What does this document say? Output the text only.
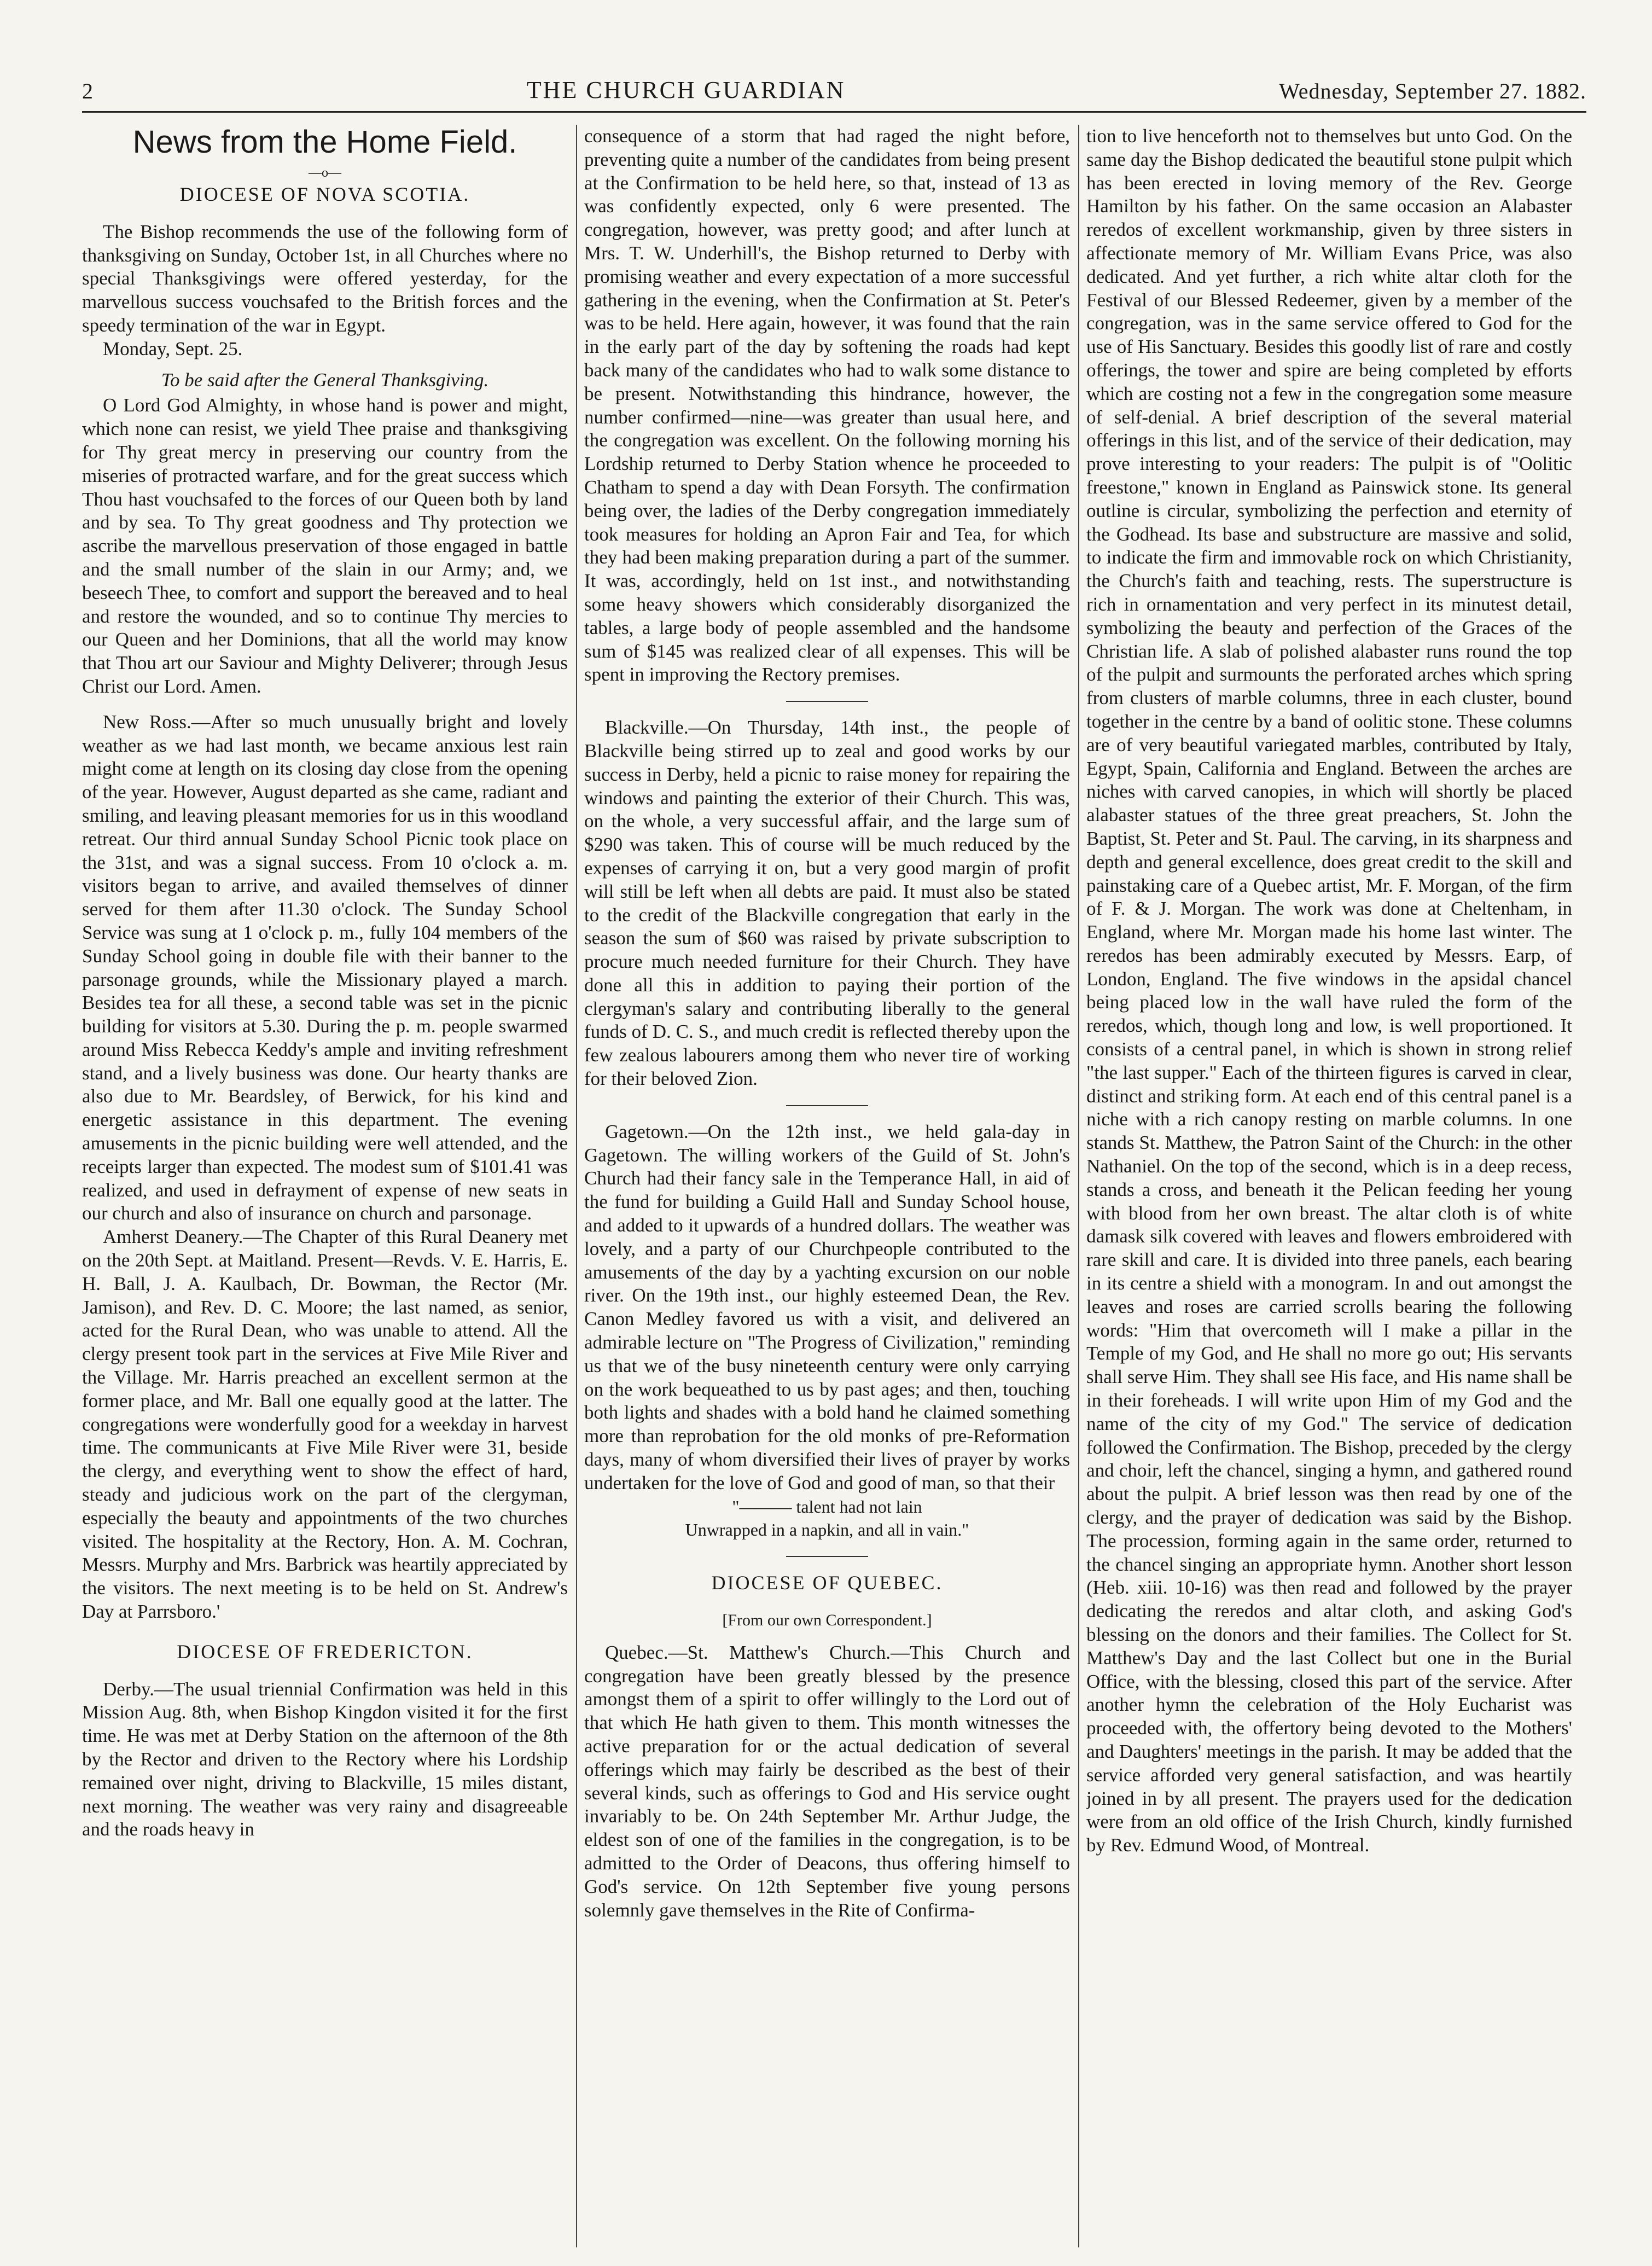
2	THE CHURCH GUARDIAN	Wednesday, September 27. 1882.
News from the Home Field.
—o—
DIOCESE OF NOVA SCOTIA.

The Bishop recommends the use of the following form of thanksgiving on Sunday, October 1st, in all Churches where no special Thanksgivings were offered yesterday, for the marvellous success vouchsafed to the British forces and the speedy termination of the war in Egypt.

Monday, Sept. 25.

To be said after the General Thanksgiving.

O Lord God Almighty, in whose hand is power and might, which none can resist, we yield Thee praise and thanksgiving for Thy great mercy in preserving our country from the miseries of protracted warfare, and for the great success which Thou hast vouchsafed to the forces of our Queen both by land and by sea. To Thy great goodness and Thy protection we ascribe the marvellous preservation of those engaged in battle and the small number of the slain in our Army; and, we beseech Thee, to comfort and support the bereaved and to heal and restore the wounded, and so to continue Thy mercies to our Queen and her Dominions, that all the world may know that Thou art our Saviour and Mighty Deliverer; through Jesus Christ our Lord. Amen.

New Ross.—After so much unusually bright and lovely weather as we had last month, we became anxious lest rain might come at length on its closing day close from the opening of the year. However, August departed as she came, radiant and smiling, and leaving pleasant memories for us in this woodland retreat. Our third annual Sunday School Picnic took place on the 31st, and was a signal success. From 10 o'clock a. m. visitors began to arrive, and availed themselves of dinner served for them after 11.30 o'clock. The Sunday School Service was sung at 1 o'clock p. m., fully 104 members of the Sunday School going in double file with their banner to the parsonage grounds, while the Missionary played a march. Besides tea for all these, a second table was set in the picnic building for visitors at 5.30. During the p. m. people swarmed around Miss Rebecca Keddy's ample and inviting refreshment stand, and a lively business was done. Our hearty thanks are also due to Mr. Beardsley, of Berwick, for his kind and energetic assistance in this department. The evening amusements in the picnic building were well attended, and the receipts larger than expected. The modest sum of $101.41 was realized, and used in defrayment of expense of new seats in our church and also of insurance on church and parsonage.

Amherst Deanery.—The Chapter of this Rural Deanery met on the 20th Sept. at Maitland. Present—Revds. V. E. Harris, E. H. Ball, J. A. Kaulbach, Dr. Bowman, the Rector (Mr. Jamison), and Rev. D. C. Moore; the last named, as senior, acted for the Rural Dean, who was unable to attend. All the clergy present took part in the services at Five Mile River and the Village. Mr. Harris preached an excellent sermon at the former place, and Mr. Ball one equally good at the latter. The congregations were wonderfully good for a weekday in harvest time. The communicants at Five Mile River were 31, beside the clergy, and everything went to show the effect of hard, steady and judicious work on the part of the clergyman, especially the beauty and appointments of the two churches visited. The hospitality at the Rectory, Hon. A. M. Cochran, Messrs. Murphy and Mrs. Barbrick was heartily appreciated by the visitors. The next meeting is to be held on St. Andrew's Day at Parrsboro.'

DIOCESE OF FREDERICTON.

Derby.—The usual triennial Confirmation was held in this Mission Aug. 8th, when Bishop Kingdon visited it for the first time. He was met at Derby Station on the afternoon of the 8th by the Rector and driven to the Rectory where his Lordship remained over night, driving to Blackville, 15 miles distant, next morning. The weather was very rainy and disagreeable and the roads heavy in

consequence of a storm that had raged the night before, preventing quite a number of the candidates from being present at the Confirmation to be held here, so that, instead of 13 as was confidently expected, only 6 were presented. The congregation, however, was pretty good; and after lunch at Mrs. T. W. Underhill's, the Bishop returned to Derby with promising weather and every expectation of a more successful gathering in the evening, when the Confirmation at St. Peter's was to be held. Here again, however, it was found that the rain in the early part of the day by softening the roads had kept back many of the candidates who had to walk some distance to be present. Notwithstanding this hindrance, however, the number confirmed—nine—was greater than usual here, and the congregation was excellent. On the following morning his Lordship returned to Derby Station whence he proceeded to Chatham to spend a day with Dean Forsyth. The confirmation being over, the ladies of the Derby congregation immediately took measures for holding an Apron Fair and Tea, for which they had been making preparation during a part of the summer. It was, accordingly, held on 1st inst., and notwithstanding some heavy showers which considerably disorganized the tables, a large body of people assembled and the handsome sum of $145 was realized clear of all expenses. This will be spent in improving the Rectory premises.

Blackville.—On Thursday, 14th inst., the people of Blackville being stirred up to zeal and good works by our success in Derby, held a picnic to raise money for repairing the windows and painting the exterior of their Church. This was, on the whole, a very successful affair, and the large sum of $290 was taken. This of course will be much reduced by the expenses of carrying it on, but a very good margin of profit will still be left when all debts are paid. It must also be stated to the credit of the Blackville congregation that early in the season the sum of $60 was raised by private subscription to procure much needed furniture for their Church. They have done all this in addition to paying their portion of the clergyman's salary and contributing liberally to the general funds of D. C. S., and much credit is reflected thereby upon the few zealous labourers among them who never tire of working for their beloved Zion.

Gagetown.—On the 12th inst., we held gala-day in Gagetown. The willing workers of the Guild of St. John's Church had their fancy sale in the Temperance Hall, in aid of the fund for building a Guild Hall and Sunday School house, and added to it upwards of a hundred dollars. The weather was lovely, and a party of our Churchpeople contributed to the amusements of the day by a yachting excursion on our noble river. On the 19th inst., our highly esteemed Dean, the Rev. Canon Medley favored us with a visit, and delivered an admirable lecture on "The Progress of Civilization," reminding us that we of the busy nineteenth century were only carrying on the work bequeathed to us by past ages; and then, touching both lights and shades with a bold hand he claimed something more than reprobation for the old monks of pre-Reformation days, many of whom diversified their lives of prayer by works undertaken for the love of God and good of man, so that their

"——— talent had not lain

Unwrapped in a napkin, and all in vain."

DIOCESE OF QUEBEC.

[From our own Correspondent.]

Quebec.—St. Matthew's Church.—This Church and congregation have been greatly blessed by the presence amongst them of a spirit to offer willingly to the Lord out of that which He hath given to them. This month witnesses the active preparation for or the actual dedication of several offerings which may fairly be described as the best of their several kinds, such as offerings to God and His service ought invariably to be. On 24th September Mr. Arthur Judge, the eldest son of one of the families in the congregation, is to be admitted to the Order of Deacons, thus offering himself to God's service. On 12th September five young persons solemnly gave themselves in the Rite of Confirma-

tion to live henceforth not to themselves but unto God. On the same day the Bishop dedicated the beautiful stone pulpit which has been erected in loving memory of the Rev. George Hamilton by his father. On the same occasion an Alabaster reredos of excellent workmanship, given by three sisters in affectionate memory of Mr. William Evans Price, was also dedicated. And yet further, a rich white altar cloth for the Festival of our Blessed Redeemer, given by a member of the congregation, was in the same service offered to God for the use of His Sanctuary. Besides this goodly list of rare and costly offerings, the tower and spire are being completed by efforts which are costing not a few in the congregation some measure of self-denial. A brief description of the several material offerings in this list, and of the service of their dedication, may prove interesting to your readers: The pulpit is of "Oolitic freestone," known in England as Painswick stone. Its general outline is circular, symbolizing the perfection and eternity of the Godhead. Its base and substructure are massive and solid, to indicate the firm and immovable rock on which Christianity, the Church's faith and teaching, rests. The superstructure is rich in ornamentation and very perfect in its minutest detail, symbolizing the beauty and perfection of the Graces of the Christian life. A slab of polished alabaster runs round the top of the pulpit and surmounts the perforated arches which spring from clusters of marble columns, three in each cluster, bound together in the centre by a band of oolitic stone. These columns are of very beautiful variegated marbles, contributed by Italy, Egypt, Spain, California and England. Between the arches are niches with carved canopies, in which will shortly be placed alabaster statues of the three great preachers, St. John the Baptist, St. Peter and St. Paul. The carving, in its sharpness and depth and general excellence, does great credit to the skill and painstaking care of a Quebec artist, Mr. F. Morgan, of the firm of F. & J. Morgan. The work was done at Cheltenham, in England, where Mr. Morgan made his home last winter. The reredos has been admirably executed by Messrs. Earp, of London, England. The five windows in the apsidal chancel being placed low in the wall have ruled the form of the reredos, which, though long and low, is well proportioned. It consists of a central panel, in which is shown in strong relief "the last supper." Each of the thirteen figures is carved in clear, distinct and striking form. At each end of this central panel is a niche with a rich canopy resting on marble columns. In one stands St. Matthew, the Patron Saint of the Church: in the other Nathaniel. On the top of the second, which is in a deep recess, stands a cross, and beneath it the Pelican feeding her young with blood from her own breast. The altar cloth is of white damask silk covered with leaves and flowers embroidered with rare skill and care. It is divided into three panels, each bearing in its centre a shield with a monogram. In and out amongst the leaves and roses are carried scrolls bearing the following words: "Him that overcometh will I make a pillar in the Temple of my God, and He shall no more go out; His servants shall serve Him. They shall see His face, and His name shall be in their foreheads. I will write upon Him of my God and the name of the city of my God." The service of dedication followed the Confirmation. The Bishop, preceded by the clergy and choir, left the chancel, singing a hymn, and gathered round about the pulpit. A brief lesson was then read by one of the clergy, and the prayer of dedication was said by the Bishop. The procession, forming again in the same order, returned to the chancel singing an appropriate hymn. Another short lesson (Heb. xiii. 10-16) was then read and followed by the prayer dedicating the reredos and altar cloth, and asking God's blessing on the donors and their families. The Collect for St. Matthew's Day and the last Collect but one in the Burial Office, with the blessing, closed this part of the service. After another hymn the celebration of the Holy Eucharist was proceeded with, the offertory being devoted to the Mothers' and Daughters' meetings in the parish. It may be added that the service afforded very general satisfaction, and was heartily joined in by all present. The prayers used for the dedication were from an old office of the Irish Church, kindly furnished by Rev. Edmund Wood, of Montreal.
